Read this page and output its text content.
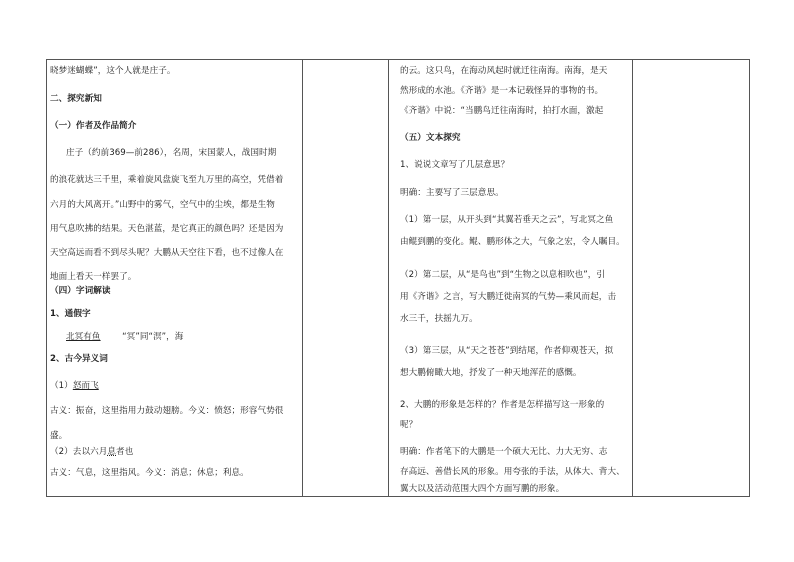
晓梦迷蝴蝶”，这个人就是庄子。
二、探究新知
（一）作者及作品简介
庄子（约前369—前286），名周，宋国蒙人，战国时期
的浪花就达三千里，乘着旋风盘旋飞至九万里的高空，凭借着
六月的大风离开。”山野中的雾气，空气中的尘埃，都是生物
用气息吹拂的结果。天色湛蓝，是它真正的颜色吗？还是因为
天空高远而看不到尽头呢？大鹏从天空往下看，也不过像人在
地面上看天一样罢了。
（四）字词解读
1、通假字
北冥有鱼	“冥”同“溟”，海
2、古今异义词
（1）怒而飞
古义：振奋，这里指用力鼓动翅膀。今义：愤怒；形容气势很
盛。
（2）去以六月息者也
古义：气息，这里指风。今义：消息；休息；利息。
的云。这只鸟，在海动风起时就迁往南海。南海，是天
然形成的水池。《齐谐》是一本记载怪异的事物的书。
《齐谐》中说：“当鹏鸟迁往南海时，拍打水面，激起
（五）文本探究
1、说说文章写了几层意思？
明确：主要写了三层意思。
（1）第一层，从开头到“其翼若垂天之云”，写北冥之鱼
由鲲到鹏的变化。鲲、鹏形体之大，气象之宏，令人瞩目。
（2）第二层，从“是鸟也”到“生物之以息相吹也”，引
用《齐谐》之言，写大鹏迁徙南冥的气势—乘风而起，击
水三千，扶摇九万。
（3）第三层，从“天之苍苍”到结尾，作者仰观苍天，拟
想大鹏俯瞰大地，抒发了一种天地浑茫的感慨。
2、大鹏的形象是怎样的？作者是怎样描写这一形象的
呢？
明确：作者笔下的大鹏是一个硕大无比、力大无穷、志
存高远、善借长风的形象。用夸张的手法，从体大、背大、
翼大以及活动范围大四个方面写鹏的形象。
